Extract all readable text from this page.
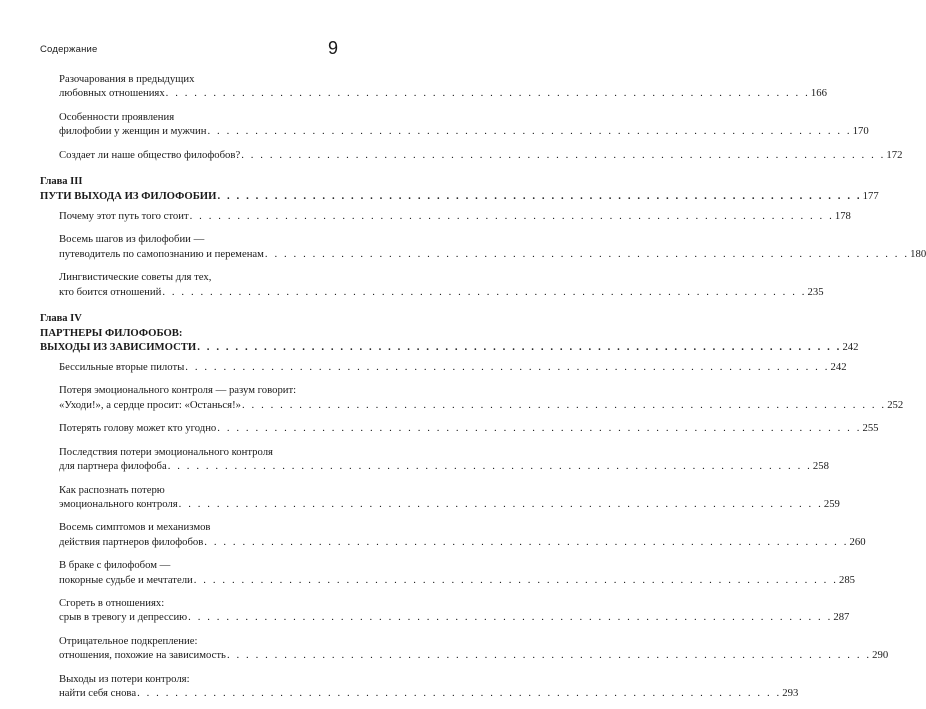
Содержание	9
Разочарования в предыдущих
любовных отношениях . . . . . . . . . . . . . . . . . . . . . . . . . . . . . . . . . . . . . . . . . . . . . . . . . . . . . . . . . . . . . . . . . . . . 166
Особенности проявления
филофобии у женщин и мужчин . . . . . . . . . . . . . . . . . . . . . . . . . . . . . . . . . . . . . . . . . . . . . . . . . . . . . . . . . . . . . . . . . . . . 170
Создает ли наше общество филофобов? . . . . . . . . . . . . . . . . . . . . . . . . . . . . . . . . . . . . . . . . . . . . . . . . . . . . . . . . . . . . . . . . . . . . 172
Глава III
ПУТИ ВЫХОДА ИЗ ФИЛОФОБИИ . . . . . . . . . . . . . . . . . . . . . . . . . . . . . . . . . . . . . . . . . . . . . . . . . . . . . . . . . . . . . . . . . . . . 177
Почему этот путь того стоит . . . . . . . . . . . . . . . . . . . . . . . . . . . . . . . . . . . . . . . . . . . . . . . . . . . . . . . . . . . . . . . . . . . . 178
Восемь шагов из филофобии —
путеводитель по самопознанию и переменам . . . . . . . . . . . . . . . . . . . . . . . . . . . . . . . . . . . . . . . . . . . . . . . . . . . . . . . . . . . . . . . . . . . . 180
Лингвистические советы для тех,
кто боится отношений . . . . . . . . . . . . . . . . . . . . . . . . . . . . . . . . . . . . . . . . . . . . . . . . . . . . . . . . . . . . . . . . . . . . 235
Глава IV
ПАРТНЕРЫ ФИЛОФОБОВ:
ВЫХОДЫ ИЗ ЗАВИСИМОСТИ . . . . . . . . . . . . . . . . . . . . . . . . . . . . . . . . . . . . . . . . . . . . . . . . . . . . . . . . . . . . . . . . . . . . 242
Бессильные вторые пилоты . . . . . . . . . . . . . . . . . . . . . . . . . . . . . . . . . . . . . . . . . . . . . . . . . . . . . . . . . . . . . . . . . . . . 242
Потеря эмоционального контроля — разум говорит:
«Уходи!», а сердце просит: «Останься!» . . . . . . . . . . . . . . . . . . . . . . . . . . . . . . . . . . . . . . . . . . . . . . . . . . . . . . . . . . . . . . . . . . . . 252
Потерять голову может кто угодно . . . . . . . . . . . . . . . . . . . . . . . . . . . . . . . . . . . . . . . . . . . . . . . . . . . . . . . . . . . . . . . . . . . . 255
Последствия потери эмоционального контроля
для партнера филофоба . . . . . . . . . . . . . . . . . . . . . . . . . . . . . . . . . . . . . . . . . . . . . . . . . . . . . . . . . . . . . . . . . . . . 258
Как распознать потерю
эмоционального контроля . . . . . . . . . . . . . . . . . . . . . . . . . . . . . . . . . . . . . . . . . . . . . . . . . . . . . . . . . . . . . . . . . . . . 259
Восемь симптомов и механизмов
действия партнеров филофобов . . . . . . . . . . . . . . . . . . . . . . . . . . . . . . . . . . . . . . . . . . . . . . . . . . . . . . . . . . . . . . . . . . . . 260
В браке с филофобом —
покорные судьбе и мечтатели . . . . . . . . . . . . . . . . . . . . . . . . . . . . . . . . . . . . . . . . . . . . . . . . . . . . . . . . . . . . . . . . . . . . 285
Сгореть в отношениях:
срыв в тревогу и депрессию . . . . . . . . . . . . . . . . . . . . . . . . . . . . . . . . . . . . . . . . . . . . . . . . . . . . . . . . . . . . . . . . . . . . 287
Отрицательное подкрепление:
отношения, похожие на зависимость . . . . . . . . . . . . . . . . . . . . . . . . . . . . . . . . . . . . . . . . . . . . . . . . . . . . . . . . . . . . . . . . . . . . 290
Выходы из потери контроля:
найти себя снова . . . . . . . . . . . . . . . . . . . . . . . . . . . . . . . . . . . . . . . . . . . . . . . . . . . . . . . . . . . . . . . . . . . . 293
